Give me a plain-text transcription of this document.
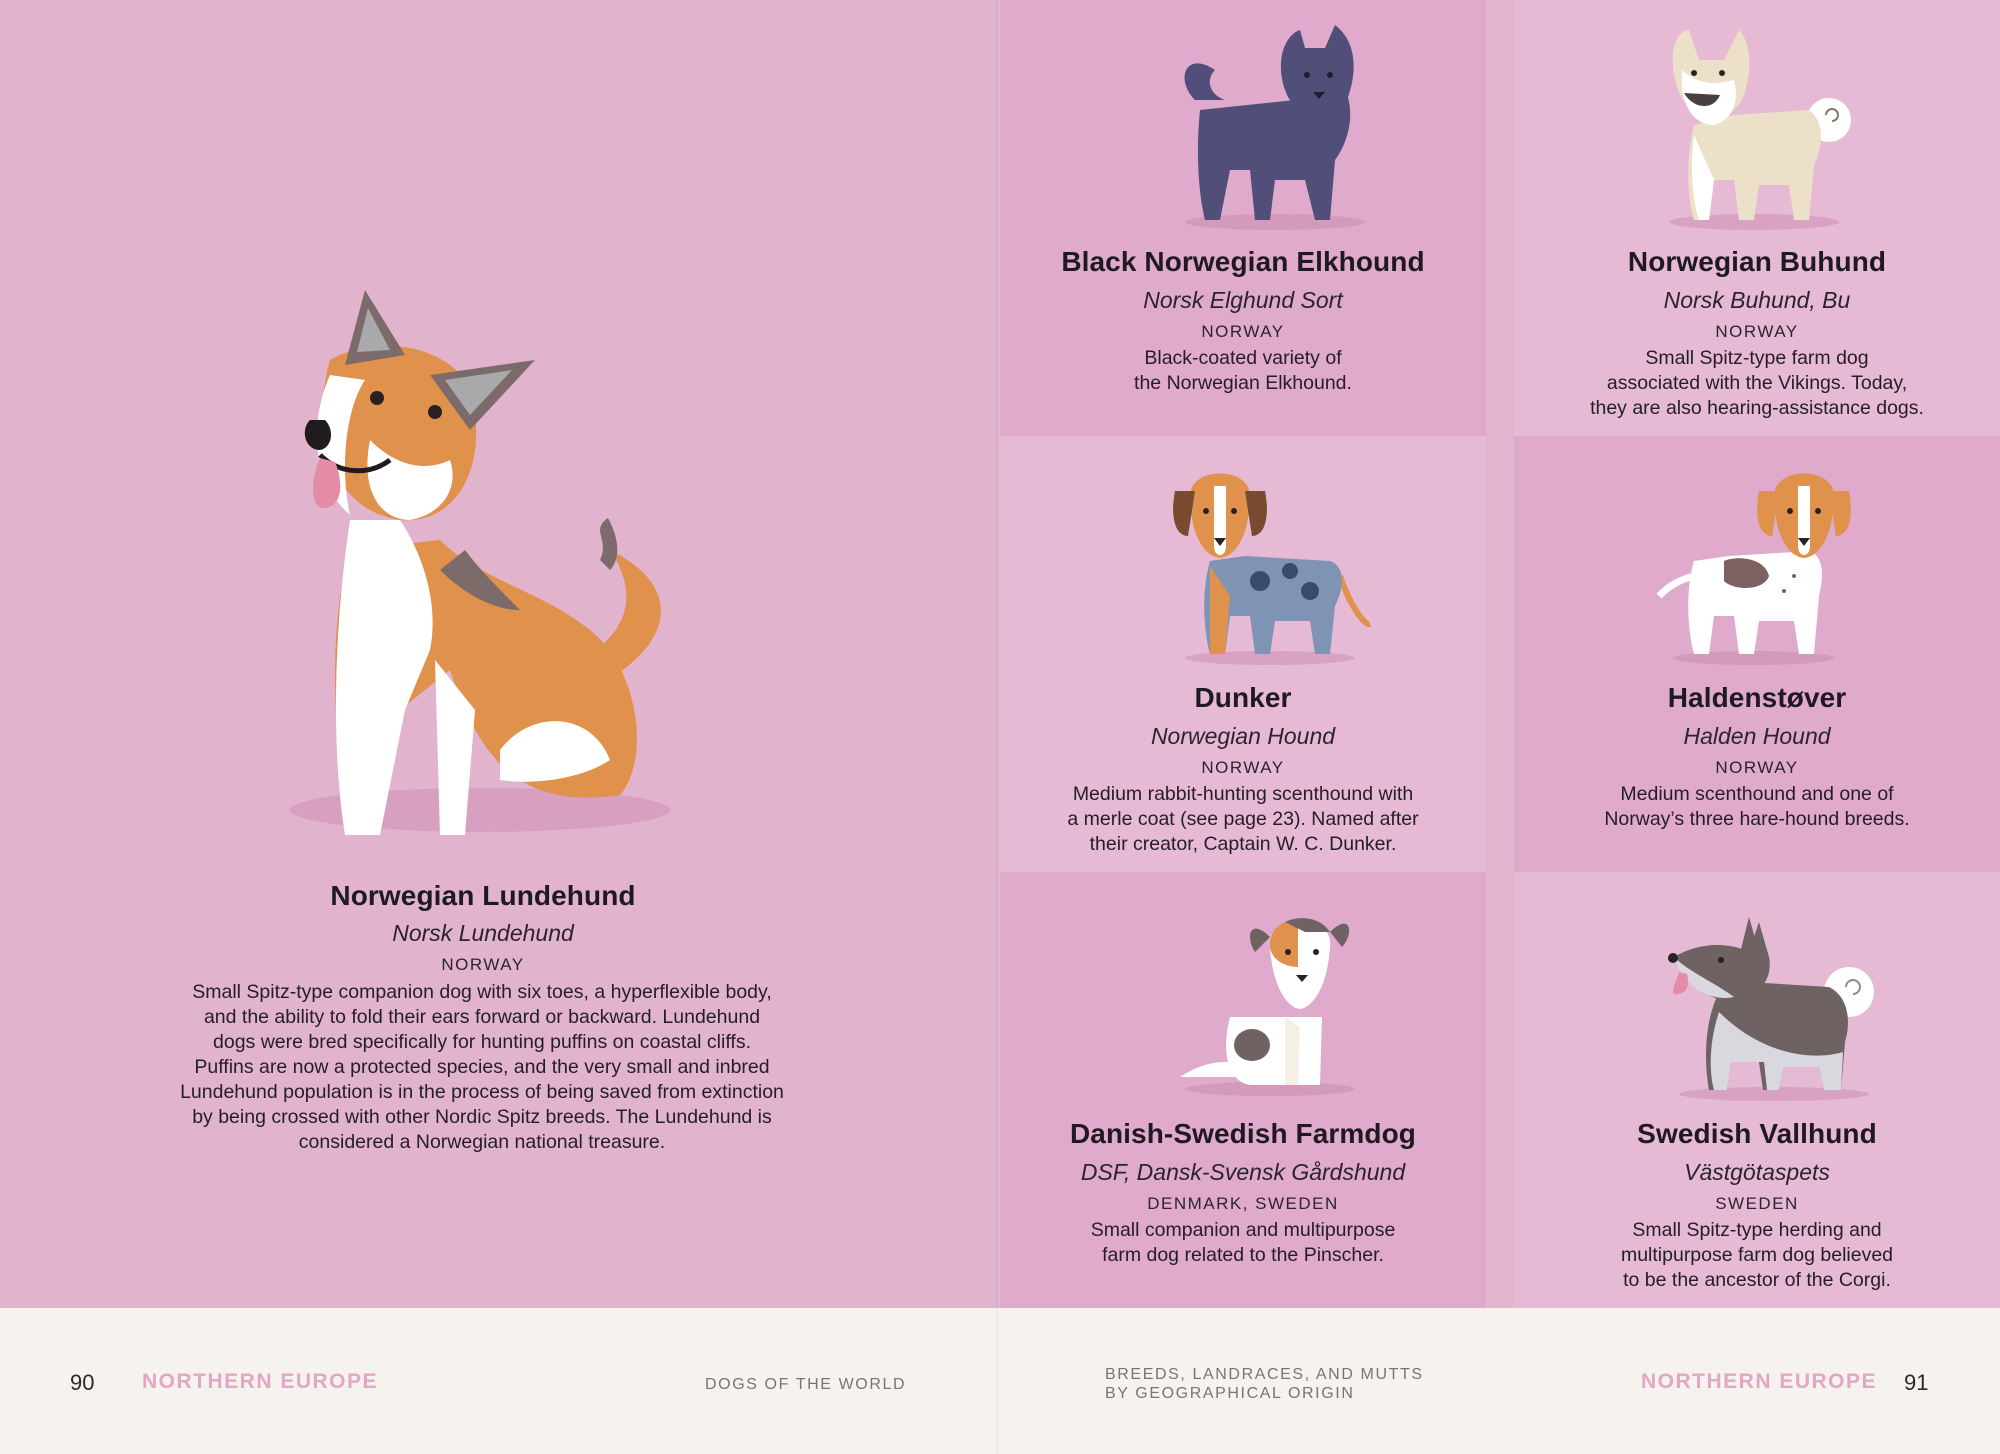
Norwegian Lundehund
Norsk Lundehund
NORWAY
Small Spitz-type companion dog with six toes, a hyperflexible body,
and the ability to fold their ears forward or backward. Lundehund
dogs were bred specifically for hunting puffins on coastal cliffs.
Puffins are now a protected species, and the very small and inbred
Lundehund population is in the process of being saved from extinction
by being crossed with other Nordic Spitz breeds. The Lundehund is
considered a Norwegian national treasure.
Black Norwegian Elkhound
Norsk Elghund Sort
NORWAY
Black-coated variety of
the Norwegian Elkhound.
Norwegian Buhund
Norsk Buhund, Bu
NORWAY
Small Spitz-type farm dog
associated with the Vikings. Today,
they are also hearing-assistance dogs.
Dunker
Norwegian Hound
NORWAY
Medium rabbit-hunting scenthound with
a merle coat (see page 23). Named after
their creator, Captain W. C. Dunker.
Haldenstøver
Halden Hound
NORWAY
Medium scenthound and one of
Norway’s three hare-hound breeds.
Danish-Swedish Farmdog
DSF, Dansk-Svensk Gårdshund
DENMARK, SWEDEN
Small companion and multipurpose
farm dog related to the Pinscher.
Swedish Vallhund
Västgötaspets
SWEDEN
Small Spitz-type herding and
multipurpose farm dog believed
to be the ancestor of the Corgi.
90 NORTHERN EUROPE	DOGS OF THE WORLD
BREEDS, LANDRACES, AND MUTTS
BY GEOGRAPHICAL ORIGIN
NORTHERN EUROPE 91
